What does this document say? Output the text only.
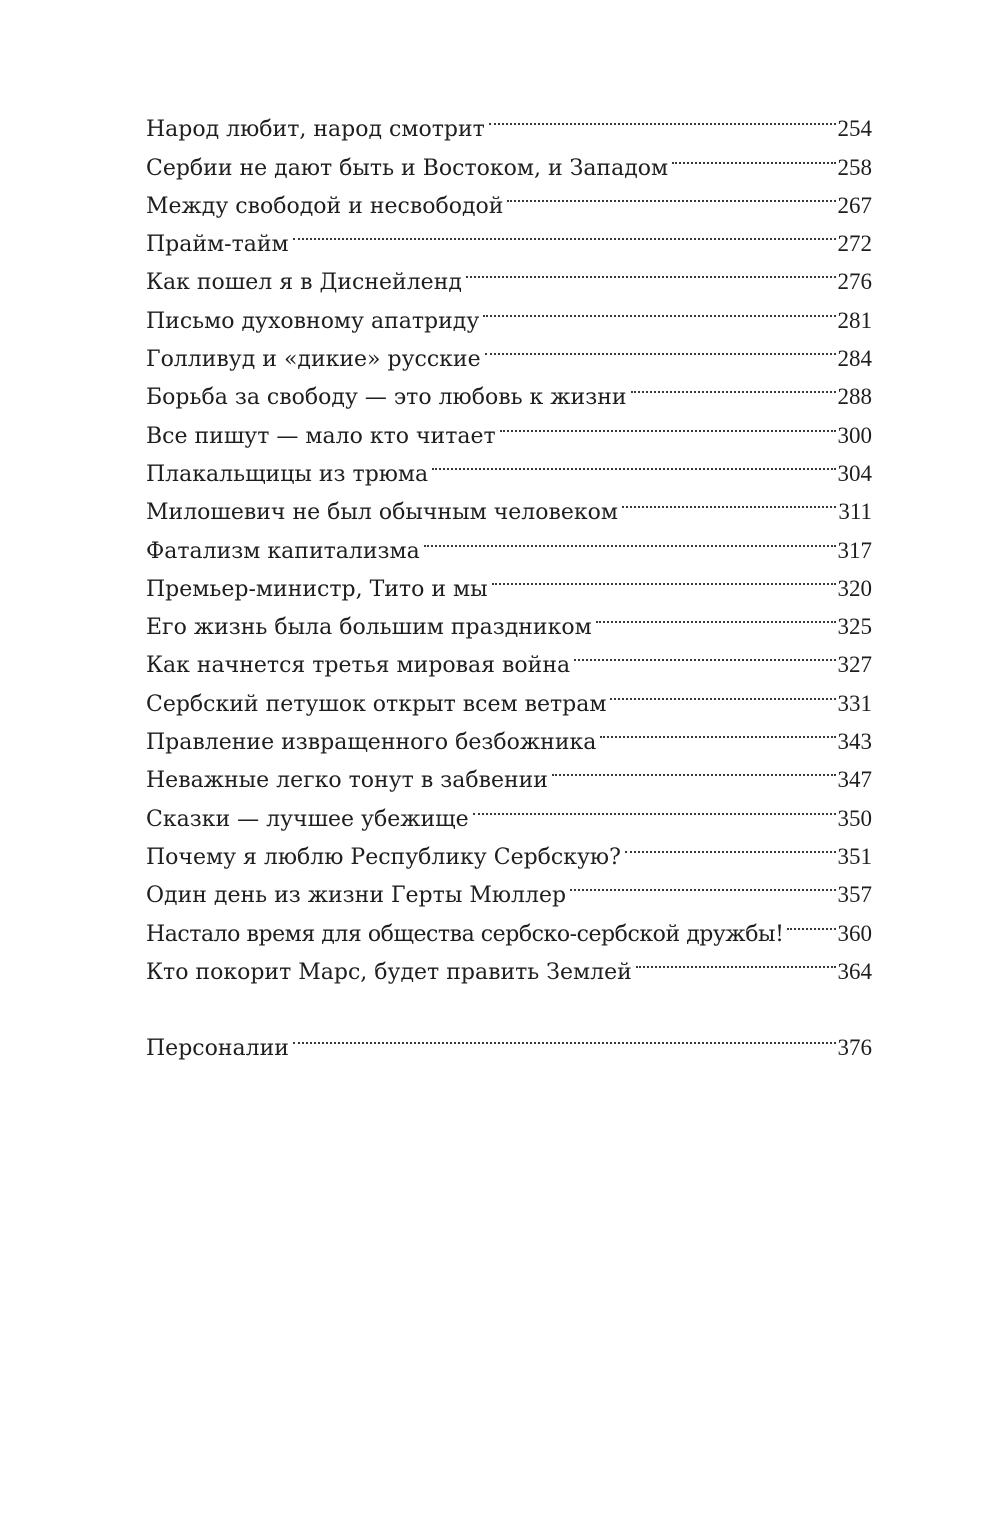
Народ любит, народ смотрит	254
Сербии не дают быть и Востоком, и Западом	258
Между свободой и несвободой	267
Прайм-тайм	272
Как пошел я в Диснейленд	276
Письмо духовному апатриду	281
Голливуд и «дикие» русские	284
Борьба за свободу — это любовь к жизни	288
Все пишут — мало кто читает	300
Плакальщицы из трюма	304
Милошевич не был обычным человеком	311
Фатализм капитализма	317
Премьер-министр, Тито и мы	320
Его жизнь была большим праздником	325
Как начнется третья мировая война	327
Сербский петушок открыт всем ветрам	331
Правление извращенного безбожника	343
Неважные легко тонут в забвении	347
Сказки — лучшее убежище	350
Почему я люблю Республику Сербскую?	351
Один день из жизни Герты Мюллер	357
Настало время для общества сербско-сербской дружбы! 360
Кто покорит Марс, будет править Землей	364
Персоналии	376
